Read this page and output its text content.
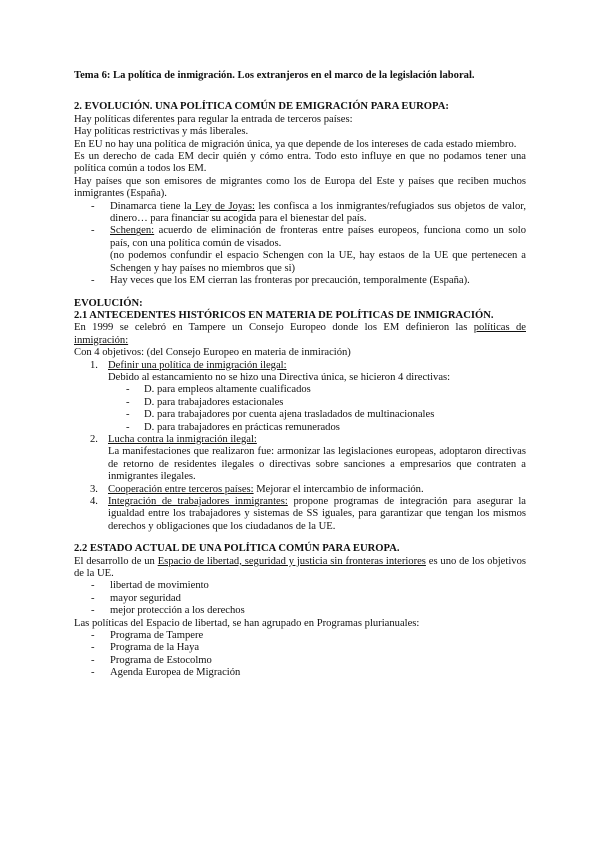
Tema 6: La política de inmigración. Los extranjeros en el marco de la legislación laboral.

2. EVOLUCIÓN. UNA POLÍTICA COMÚN DE EMIGRACIÓN PARA EUROPA:

Hay políticas diferentes para regular la entrada de terceros países:

Hay políticas restrictivas y más liberales.

En EU no hay una política de migración única, ya que depende de los intereses de cada estado miembro.

Es un derecho de cada EM decir quién y cómo entra. Todo esto influye en que no podamos tener una política común a todos los EM.

Hay países que son emisores de migrantes como los de Europa del Este y países que reciben muchos inmigrantes (España).

- Dinamarca tiene la Ley de Joyas: les confisca a los inmigrantes/refugiados sus objetos de valor, dinero… para financiar su acogida para el bienestar del país.
- Schengen: acuerdo de eliminación de fronteras entre países europeos, funciona como un solo país, con una política común de visados.
(no podemos confundir el espacio Schengen con la UE, hay estaos de la UE que pertenecen a Schengen y hay países no miembros que si)
- Hay veces que los EM cierran las fronteras por precaución, temporalmente (España).

EVOLUCIÓN:

2.1 ANTECEDENTES HISTÓRICOS EN MATERIA DE POLÍTICAS DE INMIGRACIÓN.

En 1999 se celebró en Tampere un Consejo Europeo donde los EM definieron las políticas de inmigración:

Con 4 objetivos: (del Consejo Europeo en materia de inmiración)

1. Definir una política de inmigración ilegal:
Debido al estancamiento no se hizo una Directiva única, se hicieron 4 directivas:
- D. para empleos altamente cualificados
- D. para trabajadores estacionales
- D. para trabajadores por cuenta ajena trasladados de multinacionales
- D. para trabajadores en prácticas remunerados
2. Lucha contra la inmigración ilegal:
La manifestaciones que realizaron fue: armonizar las legislaciones europeas, adoptaron directivas de retorno de residentes ilegales o directivas sobre sanciones a empresarios que contraten a inmigrantes ilegales.
3. Cooperación entre terceros países: Mejorar el intercambio de información.
4. Integración de trabajadores inmigrantes: propone programas de integración para asegurar la igualdad entre los trabajadores y sistemas de SS iguales, para garantizar que tengan los mismos derechos y obligaciones que los ciudadanos de la UE.

2.2 ESTADO ACTUAL DE UNA POLÍTICA COMÚN PARA EUROPA.

El desarrollo de un Espacio de libertad, seguridad y justicia sin fronteras interiores es uno de los objetivos de la UE.

- libertad de movimiento
- mayor seguridad
- mejor protección a los derechos

Las políticas del Espacio de libertad, se han agrupado en Programas plurianuales:

- Programa de Tampere
- Programa de la Haya
- Programa de Estocolmo
- Agenda Europea de Migración
